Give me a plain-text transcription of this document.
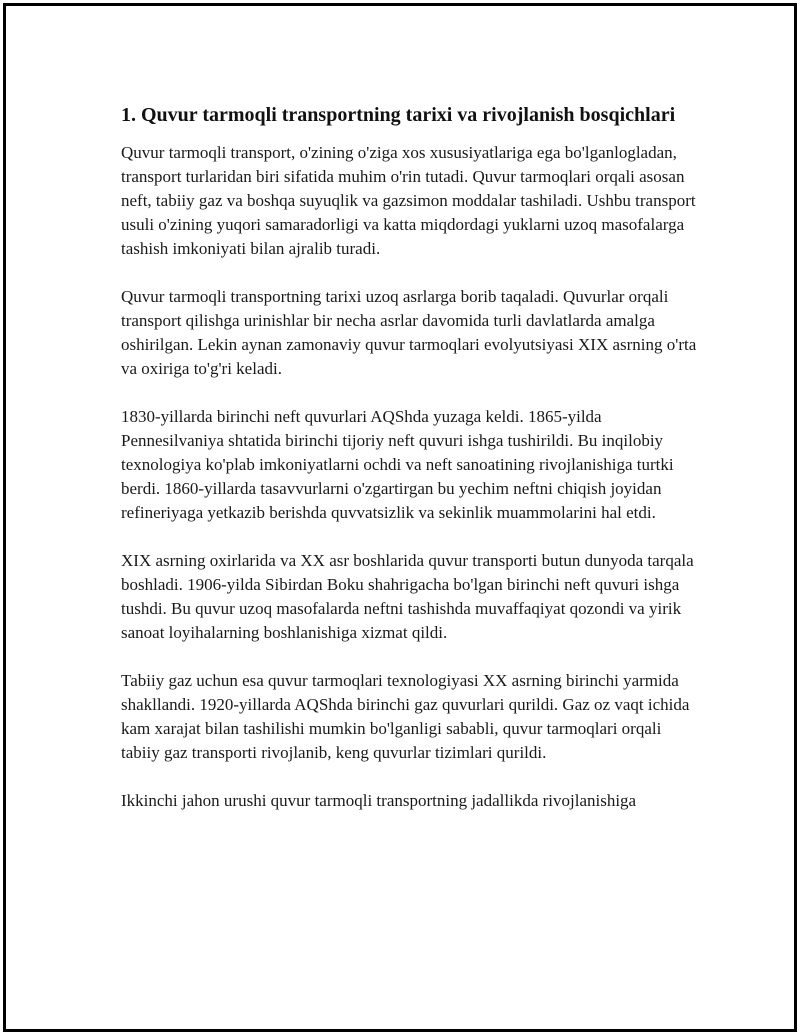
1. Quvur tarmoqli transportning tarixi va rivojlanish bosqichlari

Quvur tarmoqli transport, o'zining o'ziga xos xususiyatlariga ega bo'lganlogladan, transport turlaridan biri sifatida muhim o'rin tutadi. Quvur tarmoqlari orqali asosan neft, tabiiy gaz va boshqa suyuqlik va gazsimon moddalar tashiladi. Ushbu transport usuli o'zining yuqori samaradorligi va katta miqdordagi yuklarni uzoq masofalarga tashish imkoniyati bilan ajralib turadi.

Quvur tarmoqli transportning tarixi uzoq asrlarga borib taqaladi. Quvurlar orqali transport qilishga urinishlar bir necha asrlar davomida turli davlatlarda amalga oshirilgan. Lekin aynan zamonaviy quvur tarmoqlari evolyutsiyasi XIX asrning o'rta va oxiriga to'g'ri keladi.

1830-yillarda birinchi neft quvurlari AQShda yuzaga keldi. 1865-yilda Pennesilvaniya shtatida birinchi tijoriy neft quvuri ishga tushirildi. Bu inqilobiy texnologiya ko'plab imkoniyatlarni ochdi va neft sanoatining rivojlanishiga turtki berdi. 1860-yillarda tasavvurlarni o'zgartirgan bu yechim neftni chiqish joyidan refineriyaga yetkazib berishda quvvatsizlik va sekinlik muammolarini hal etdi.

XIX asrning oxirlarida va XX asr boshlarida quvur transporti butun dunyoda tarqala boshladi. 1906-yilda Sibirdan Boku shahrigacha bo'lgan birinchi neft quvuri ishga tushdi. Bu quvur uzoq masofalarda neftni tashishda muvaffaqiyat qozondi va yirik sanoat loyihalarning boshlanishiga xizmat qildi.

Tabiiy gaz uchun esa quvur tarmoqlari texnologiyasi XX asrning birinchi yarmida shakllandi. 1920-yillarda AQShda birinchi gaz quvurlari qurildi. Gaz oz vaqt ichida kam xarajat bilan tashilishi mumkin bo'lganligi sababli, quvur tarmoqlari orqali tabiiy gaz transporti rivojlanib, keng quvurlar tizimlari qurildi.

Ikkinchi jahon urushi quvur tarmoqli transportning jadallikda rivojlanishiga
